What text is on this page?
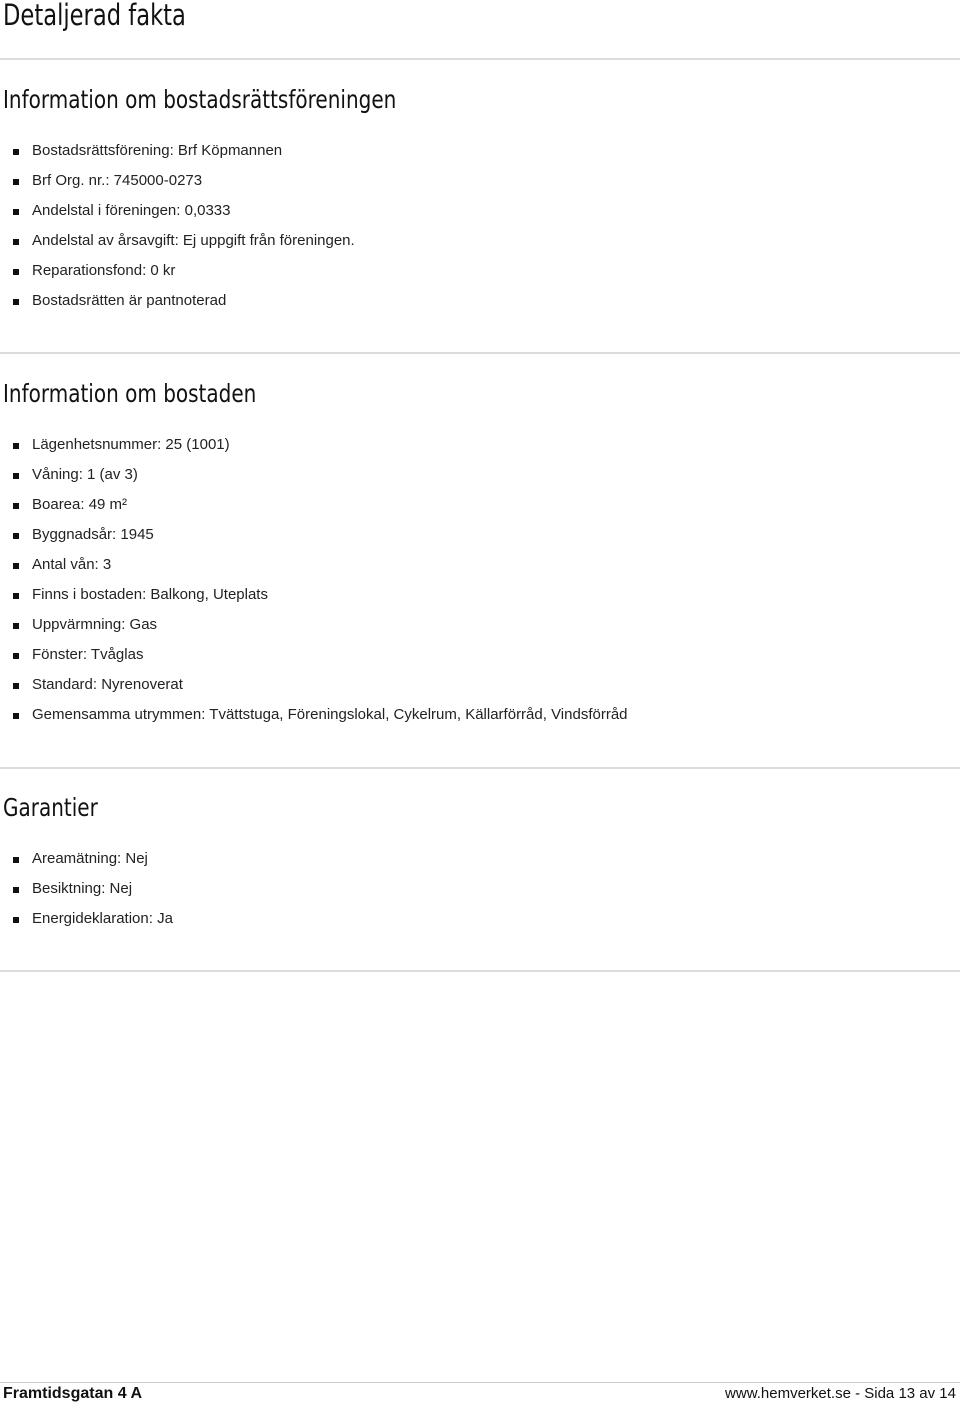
Detaljerad fakta
Information om bostadsrättsföreningen
Bostadsrättsförening: Brf Köpmannen
Brf Org. nr.: 745000-0273
Andelstal i föreningen: 0,0333
Andelstal av årsavgift: Ej uppgift från föreningen.
Reparationsfond: 0 kr
Bostadsrätten är pantnoterad
Information om bostaden
Lägenhetsnummer: 25 (1001)
Våning: 1 (av 3)
Boarea: 49 m²
Byggnadsår: 1945
Antal vån: 3
Finns i bostaden: Balkong, Uteplats
Uppvärmning: Gas
Fönster: Tvåglas
Standard: Nyrenoverat
Gemensamma utrymmen: Tvättstuga, Föreningslokal, Cykelrum, Källarförråd, Vindsförråd
Garantier
Areamätning: Nej
Besiktning: Nej
Energideklaration: Ja
Framtidsgatan 4 A	www.hemverket.se - Sida 13 av 14
